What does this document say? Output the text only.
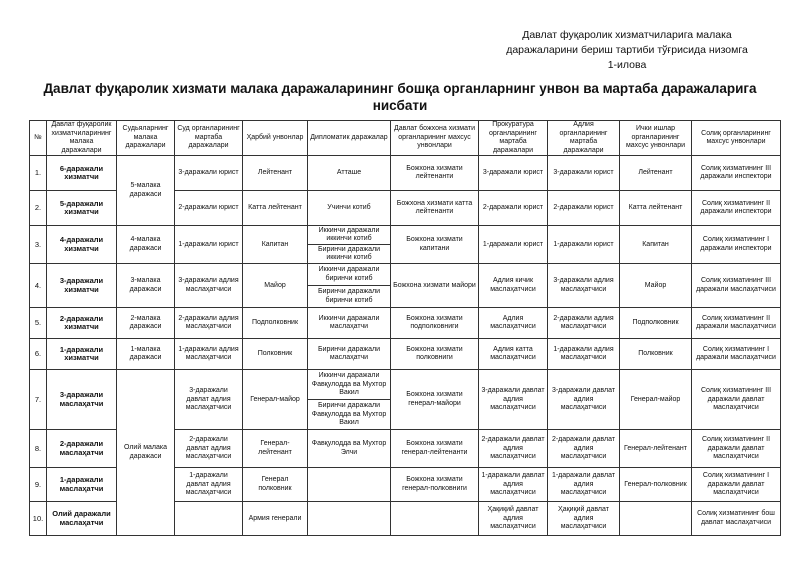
Давлат фуқаролик хизматчиларига малака
даражаларини бериш тартиби тўғрисида низомга
1-илова
Давлат фуқаролик хизмати малака даражаларининг бошқа органларнинг унвон ва мартаба даражаларига
нисбати
№	Давлат фуқаролик хизматчиларининг малака даражалари	Судьяларнинг малака даражалари	Суд органларининг мартаба даражалари	Ҳарбий унвонлар	Дипломатик даражалар	Давлат божхона хизмати органларининг махсус унвонлари	Прокуратура органларининг мартаба даражалари	Адлия органларининг мартаба даражалари	Ички ишлар органларининг махсус унвонлари	Солиқ органларининг махсус унвонлари
1.	6-даражали хизматчи	5-малака даражаси	3-даражали юрист	Лейтенант	Атташе	Божхона хизмати лейтенанти	3-даражали юрист	3-даражали юрист	Лейтенант	Солиқ хизматининг III даражали инспектори
2.	5-даражали хизматчи		2-даражали юрист	Катта лейтенант	Учинчи котиб	Божхона хизмати катта лейтенанти	2-даражали юрист	2-даражали юрист	Катта лейтенант	Солиқ хизматининг II даражали инспектори
3.	4-даражали хизматчи	4-малака даражаси	1-даражали юрист	Капитан	Иккинчи даражали иккинчи котиб	Божхона хизмати капитани	1-даражали юрист	1-даражали юрист	Капитан	Солиқ хизматининг I даражали инспектори
					Биринчи даражали иккинчи котиб					
4.	3-даражали хизматчи	3-малака даражаси	3-даражали адлия маслаҳатчиси	Майор	Иккинчи даражали биринчи котиб	Божхона хизмати майори	Адлия кичик маслаҳатчиси	3-даражали адлия маслаҳатчиси	Майор	Солиқ хизматининг III даражали маслаҳатчиси
					Биринчи даражали биринчи котиб					
5.	2-даражали хизматчи	2-малака даражаси	2-даражали адлия маслаҳатчиси	Подполковник	Иккинчи даражали маслаҳатчи	Божхона хизмати подполковниги	Адлия маслаҳатчиси	2-даражали адлия маслаҳатчиси	Подполковник	Солиқ хизматининг II даражали маслаҳатчиси
6.	1-даражали хизматчи	1-малака даражаси	1-даражали адлия маслаҳатчиси	Полковник	Биринчи даражали маслаҳатчи	Божхона хизмати полковниги	Адлия катта маслаҳатчиси	1-даражали адлия маслаҳатчиси	Полковник	Солиқ хизматининг I даражали маслаҳатчиси
7.	3-даражали маслаҳатчи	Олий малака даражаси	3-даражали давлат адлия маслаҳатчиси	Генерал-майор	Иккинчи даражали Фавқулодда ва Мухтор Вакил	Божхона хизмати генерал-майори	3-даражали давлат адлия маслаҳатчиси	3-даражали давлат адлия маслаҳатчиси	Генерал-майор	Солиқ хизматининг III даражали давлат маслаҳатчиси
					Биринчи даражали Фавқулодда ва Мухтор Вакил					
8.	2-даражали маслаҳатчи		2-даражали давлат адлия маслаҳатчиси	Генерал-лейтенант	Фавқулодда ва Мухтор Элчи	Божхона хизмати генерал-лейтенанти	2-даражали давлат адлия маслаҳатчиси	2-даражали давлат адлия маслаҳатчиси	Генерал-лейтенант	Солиқ хизматининг II даражали давлат маслаҳатчиси
9.	1-даражали маслаҳатчи		1-даражали давлат адлия маслаҳатчиси	Генерал полковник		Божхона хизмати генерал-полковниги	1-даражали давлат адлия маслаҳатчиси	1-даражали давлат адлия маслаҳатчиси	Генерал-полковник	Солиқ хизматининг I даражали давлат маслаҳатчиси
10.	Олий даражали маслаҳатчи			Армия генерали			Ҳақиқий давлат адлия маслаҳатчиси	Ҳақиқий давлат адлия маслаҳатчиси		Солиқ хизматининг бош давлат маслаҳатчиси
